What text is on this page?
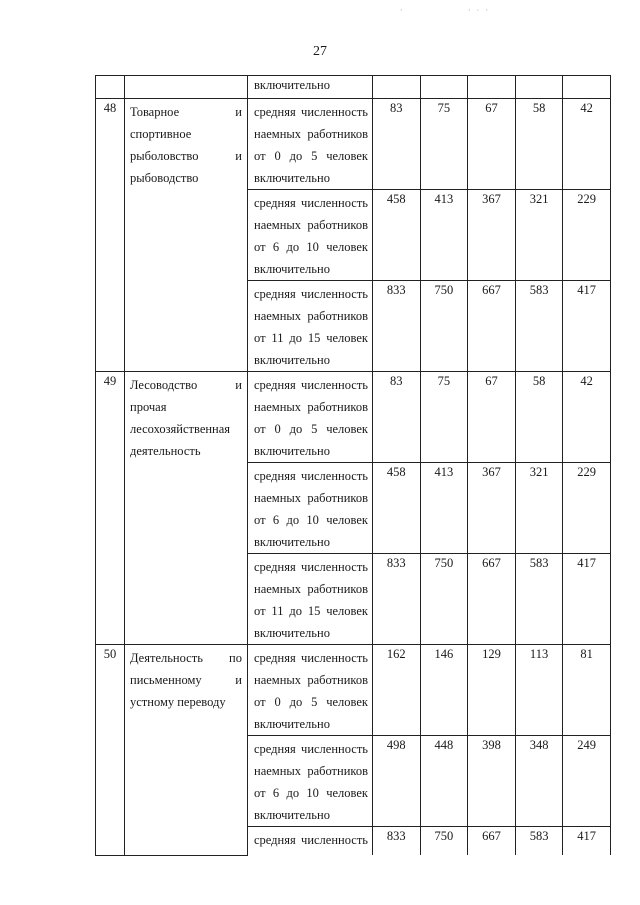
·	· · ·
27

		включительно					

48	Товарное и
спортивное
рыболовство и
рыбоводство	средняя численность
наемных работников
от 0 до 5 человек
включительно	83	75	67	58	42

		средняя численность
наемных работников
от 6 до 10 человек
включительно	458	413	367	321	229

		средняя численность
наемных работников
от 11 до 15 человек
включительно	833	750	667	583	417
49	Лесоводство и
прочая
лесохозяйственная
деятельность	средняя численность
наемных работников
от 0 до 5 человек
включительно	83	75	67	58	42

		средняя численность
наемных работников
от 6 до 10 человек
включительно	458	413	367	321	229

		средняя численность
наемных работников
от 11 до 15 человек
включительно	833	750	667	583	417
50	Деятельность по
письменному и
устному переводу	средняя численность
наемных работников
от 0 до 5 человек
включительно	162	146	129	113	81

		средняя численность
наемных работников
от 6 до 10 человек
включительно	498	448	398	348	249

		средняя численность	833	750	667	583	417
